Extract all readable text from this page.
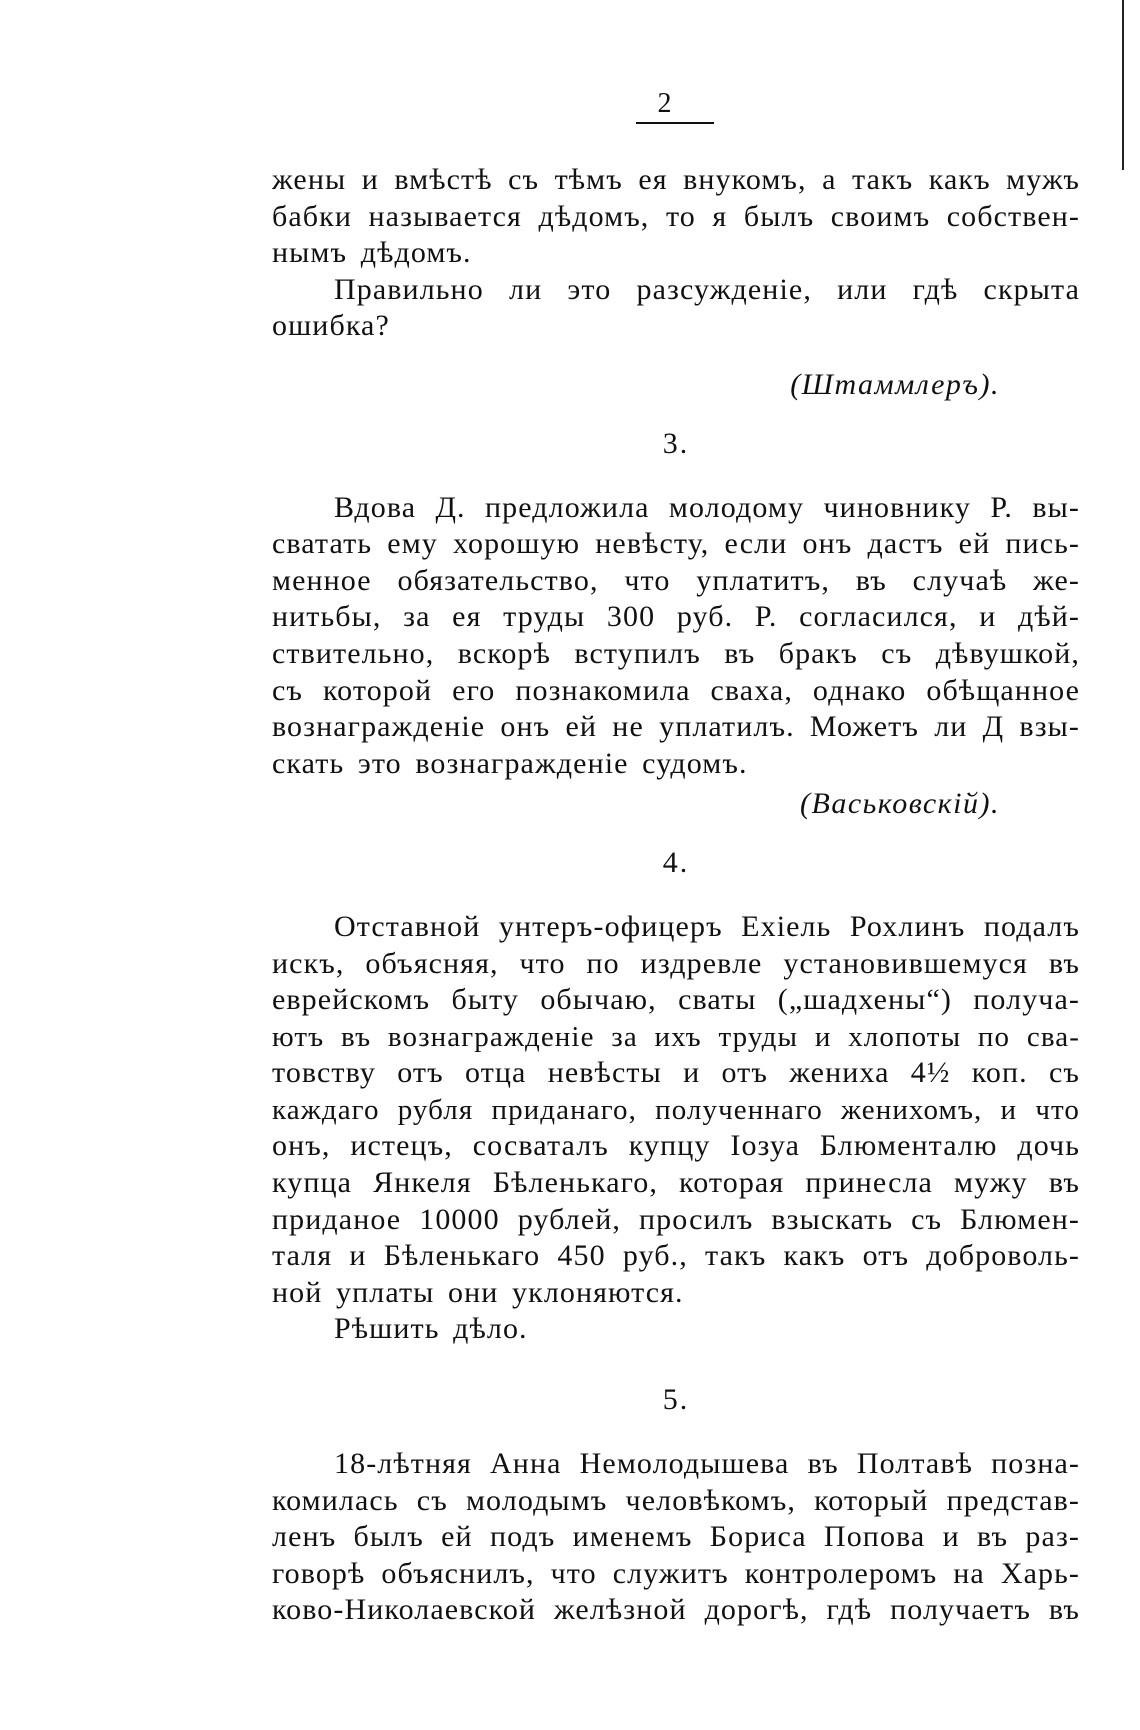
2
жены и вмѣстѣ съ тѣмъ ея внукомъ, а такъ какъ мужъ
бабки называется дѣдомъ, то я былъ своимъ собствен-
нымъ дѣдомъ.
Правильно ли это разсужденіе, или гдѣ скрыта
ошибка?
(Штаммлеръ).
3.
Вдова Д. предложила молодому чиновнику Р. вы-
сватать ему хорошую невѣсту, если онъ дастъ ей пись-
менное обязательство, что уплатитъ, въ случаѣ же-
нитьбы, за ея труды 300 руб. Р. согласился, и дѣй-
ствительно, вскорѣ вступилъ въ бракъ съ дѣвушкой,
съ которой его познакомила сваха, однако обѣщанное
вознагражденіе онъ ей не уплатилъ. Можетъ ли Д взы-
скать это вознагражденіе судомъ.
(Васьковскій).
4.
Отставной унтеръ-офицеръ Ехіель Рохлинъ подалъ
искъ, объясняя, что по издревле установившемуся въ
еврейскомъ быту обычаю, сваты („шадхены“) получа-
ютъ въ вознагражденіе за ихъ труды и хлопоты по сва-
товству отъ отца невѣсты и отъ жениха 4½ коп. съ
каждаго рубля приданаго, полученнаго женихомъ, и что
онъ, истецъ, сосваталъ купцу Іозуа Блюменталю дочь
купца Янкеля Бѣленькаго, которая принесла мужу въ
приданое 10000 рублей, просилъ взыскать съ Блюмен-
таля и Бѣленькаго 450 руб., такъ какъ отъ доброволь-
ной уплаты они уклоняются.
Рѣшить дѣло.
5.
18-лѣтняя Анна Немолодышева въ Полтавѣ позна-
комилась съ молодымъ человѣкомъ, который представ-
ленъ былъ ей подъ именемъ Бориса Попова и въ раз-
говорѣ объяснилъ, что служитъ контролеромъ на Харь-
ково-Николаевской желѣзной дорогѣ, гдѣ получаетъ въ
